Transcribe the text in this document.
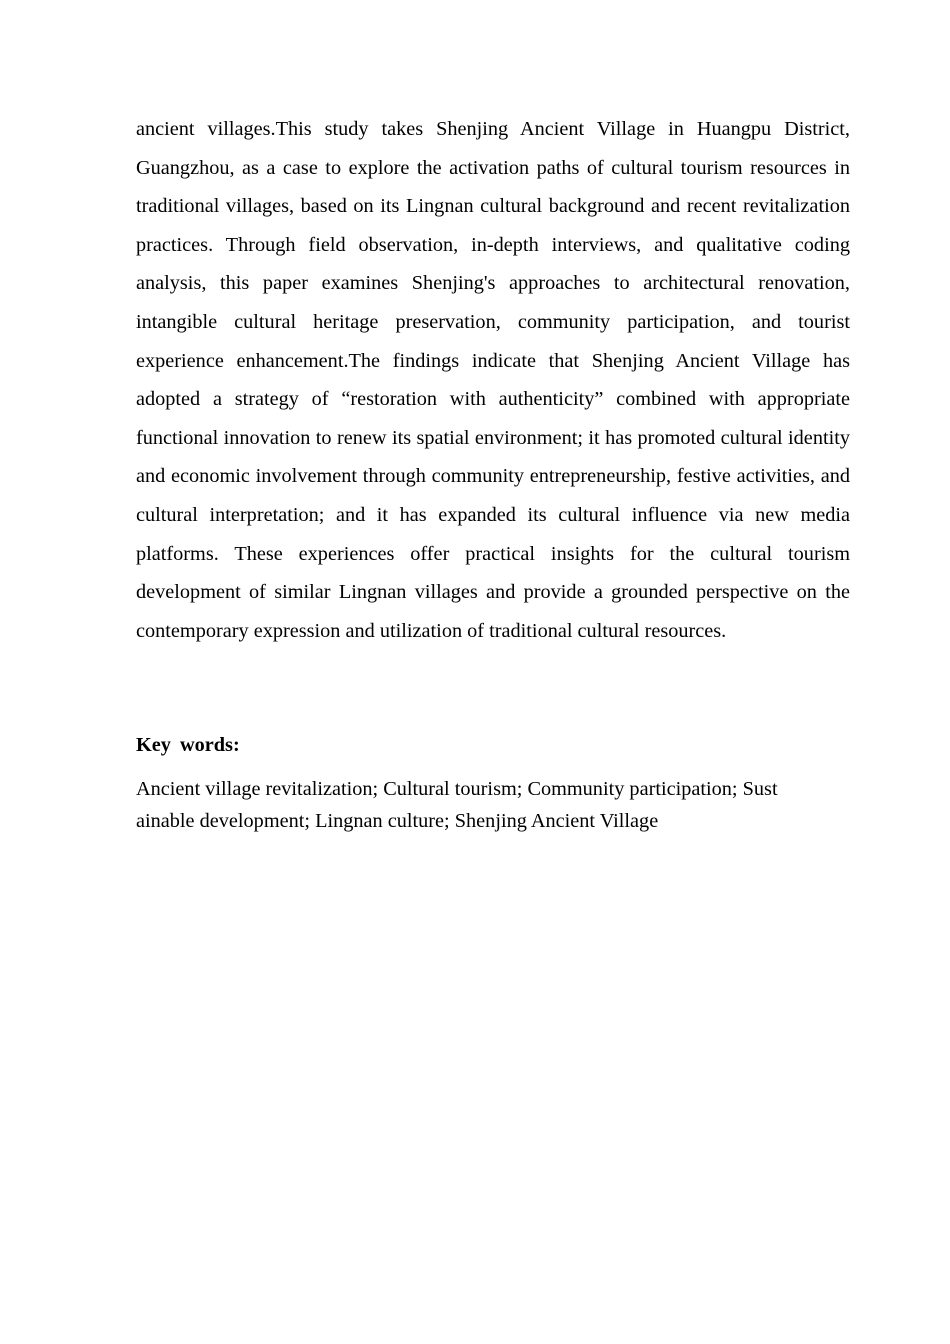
ancient villages.This study takes Shenjing Ancient Village in Huangpu District, Guangzhou, as a case to explore the activation paths of cultural tourism resources in traditional villages, based on its Lingnan cultural background and recent revitalization practices. Through field observation, in-depth interviews, and qualitative coding analysis, this paper examines Shenjing's approaches to architectural renovation, intangible cultural heritage preservation, community participation, and tourist experience enhancement.The findings indicate that Shenjing Ancient Village has adopted a strategy of “restoration with authenticity” combined with appropriate functional innovation to renew its spatial environment; it has promoted cultural identity and economic involvement through community entrepreneurship, festive activities, and cultural interpretation; and it has expanded its cultural influence via new media platforms. These experiences offer practical insights for the cultural tourism development of similar Lingnan villages and provide a grounded perspective on the contemporary expression and utilization of traditional cultural resources.

Key words:

Ancient village revitalization; Cultural tourism; Community participation; Sust
ainable development; Lingnan culture; Shenjing Ancient Village
